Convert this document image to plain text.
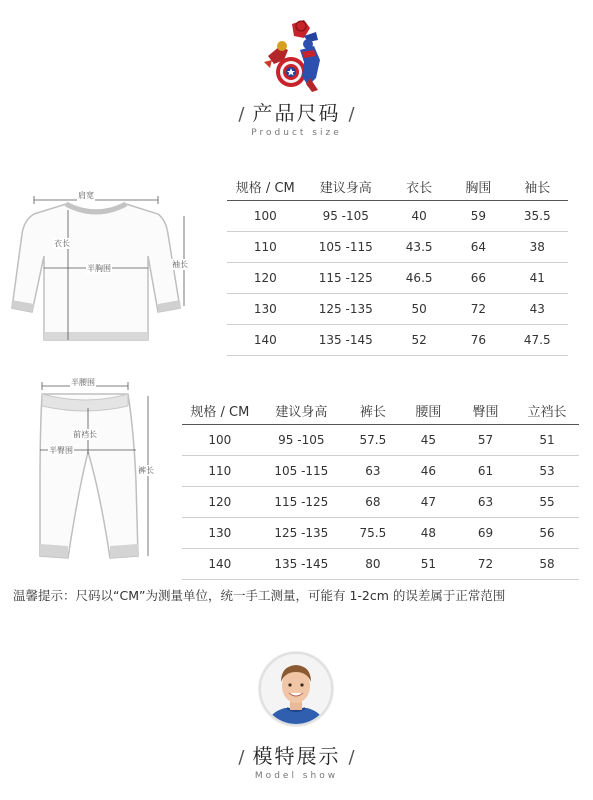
/ 产品尺码 /
Product size
肩宽
衣长
半胸围	袖长
规格 / CM	建议身高	衣长	胸围	袖长
100	95 -105	40	59	35.5
110	105 -115	43.5	64	38
120	115 -125	46.5	66	41
130	125 -135	50	72	43
140	135 -145	52	76	47.5
半腰围
前裆长
半臀围
裤长
规格 / CM	建议身高	裤长	腰围	臀围	立裆长
100	95 -105	57.5	45	57	51
110	105 -115	63	46	61	53
120	115 -125	68	47	63	55
130	125 -135	75.5	48	69	56
140	135 -145	80	51	72	58
温馨提示：尺码以“CM”为测量单位，统一手工测量，可能有 1-2cm 的误差属于正常范围
/ 模特展示 /
Model show
